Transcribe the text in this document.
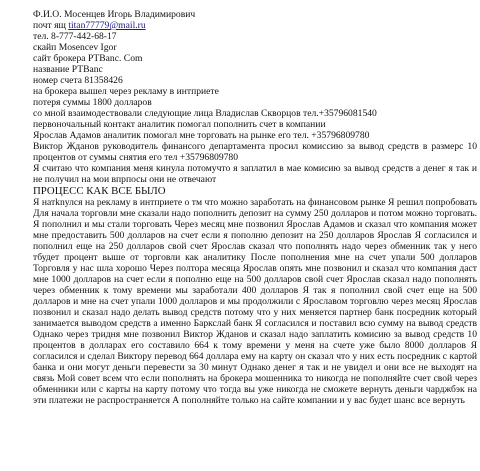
Ф.И.О. Мосенцев Игорь Владимирович
почт ящ titan77779@mail.ru
тел. 8-777-442-68-17
скайп Mosencev Igor
сайт брокера РТВanc. Com
название РТВanc
номер счета 81358426
на брокера вышел через рекламу в интприете
потеря суммы 1800 долларов
со мной взаимодествовали следующие лица Владислав Скворцов тел.+35796081540
первоночальный контакт аналитик помогал пополнить счет в компании
Ярослав Адамов аналитик помогал мне торговать на рынке его тел. +35796809780
Виктор Жданов руководитель финансого департамента просил комиссию за вывод средств в размерс 10 процентов от суммы снятия его тел +35796809780
Я считаю что компания меня кинула потомучто я заплатил в мае комисию за вывод средств а денег я так и не получил на мои впрпосы они не отвечают
ПРОЦЕСС КАК ВСЕ БЫЛО
Я натknулся на рекламу в интприете о тм что можно заработать на финансовом рынке Я решил попробовать Для начала торговли мне сказали надо пополнить депозит на сумму 250 долларов и потом можно торговать. Я пополнил и мы стали торговать Через месяц мне позвонил Ярослав Адамов и сказал что компания может мне предоставить 500 долларов на счет если я пополню депозит на 250 долларов Ярослав Я согласился и пополнил еще на 250 долларов свой счет Ярослав сказал что пополнять надо через обменник так у него тбудет процент выше от торговли как аналитику После пополнения мне на счет упали 500 долларов Торговля у нас шла хорошо Через полтора месяца Ярослав опять мне позвонил и сказал что компания даст мне 1000 долларов на счет если я пополню еще на 500 долларов свой счет Ярослав сказал надо пополнять через обменник к тому времени мы заработали 400 долларов Я так я пополнил свой счет еще на 500 долларов и мне на счет упали 1000 долларов и мы продолжили с Ярославом торговлю через месяц Ярослав позвонил и сказал надо делать вывод средств потому что у них меняется партнер банк посредник который занимается выводом средств а именно Баркслай банк Я согласился и поставил всю сумму на вывод средств Однако через тридня мне позвонил Виктор Жданов и сказал надо заплатить комисию за вывод средств 10 процентов в долларах его составило 664 к тому времени у меня на счете уже было 8000 долларов Я согласился и сделал Виктору перевод 664 доллара ему на карту он сказал что у них есть посредник с картой банка и они могут деньги перевести за 30 минут Однако денег я так и не увидел и они все не выходят на связь Мой совет всем что если пополнять на брокера мошенника то никогда не пополняйте счет свой через обменники или с карты на карту потому что тогда вы уже никогда не сможете вернуть деньги чарджбэк на эти платежи не распространяется А пополняйте только на сайте компании и у вас будет шанс все вернуть
